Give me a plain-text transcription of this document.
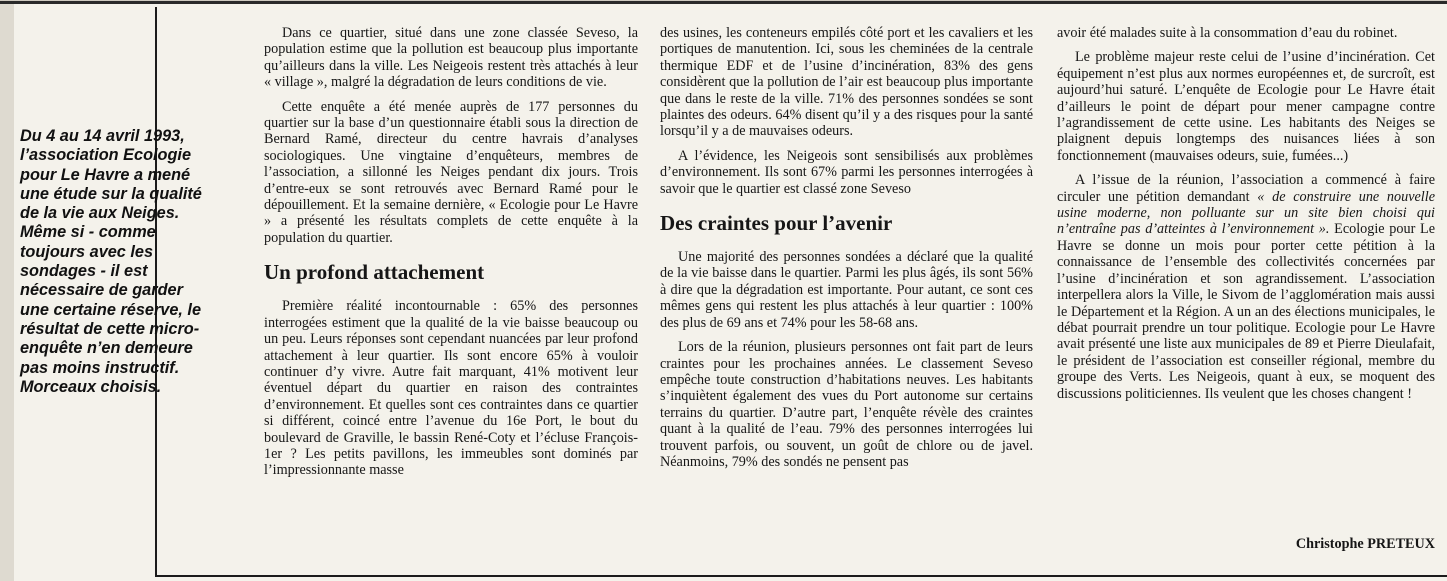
Du 4 au 14 avril 1993, l’association Ecologie pour Le Havre a mené une étude sur la qualité de la vie aux Neiges. Même si - comme toujours avec les sondages - il est nécessaire de garder une certaine réserve, le résultat de cette micro-enquête n’en demeure pas moins instructif. Morceaux choisis.

Dans ce quartier, situé dans une zone classée Seveso, la population estime que la pollution est beaucoup plus importante qu’ailleurs dans la ville. Les Neigeois restent très attachés à leur « village », malgré la dégradation de leurs conditions de vie.

Cette enquête a été menée auprès de 177 personnes du quartier sur la base d’un questionnaire établi sous la direction de Bernard Ramé, directeur du centre havrais d’analyses sociologiques. Une vingtaine d’enquêteurs, membres de l’association, a sillonné les Neiges pendant dix jours. Trois d’entre-eux se sont retrouvés avec Bernard Ramé pour le dépouillement. Et la semaine dernière, « Ecologie pour Le Havre » a présenté les résultats complets de cette enquête à la population du quartier.

Un profond attachement

Première réalité incontournable : 65% des personnes interrogées estiment que la qualité de la vie baisse beaucoup ou un peu. Leurs réponses sont cependant nuancées par leur profond attachement à leur quartier. Ils sont encore 65% à vouloir continuer d’y vivre. Autre fait marquant, 41% motivent leur éventuel départ du quartier en raison des contraintes d’environnement. Et quelles sont ces contraintes dans ce quartier si différent, coincé entre l’avenue du 16e Port, le bout du boulevard de Graville, le bassin René-Coty et l’écluse François-1er ? Les petits pavillons, les immeubles sont dominés par l’impressionnante masse

des usines, les conteneurs empilés côté port et les cavaliers et les portiques de manutention. Ici, sous les cheminées de la centrale thermique EDF et de l’usine d’incinération, 83% des gens considèrent que la pollution de l’air est beaucoup plus importante que dans le reste de la ville. 71% des personnes sondées se sont plaintes des odeurs. 64% disent qu’il y a des risques pour la santé lorsqu’il y a de mauvaises odeurs.

A l’évidence, les Neigeois sont sensibilisés aux problèmes d’environnement. Ils sont 67% parmi les personnes interrogées à savoir que le quartier est classé zone Seveso

Des craintes pour l’avenir

Une majorité des personnes sondées a déclaré que la qualité de la vie baisse dans le quartier. Parmi les plus âgés, ils sont 56% à dire que la dégradation est importante. Pour autant, ce sont ces mêmes gens qui restent les plus attachés à leur quartier : 100% des plus de 69 ans et 74% pour les 58-68 ans.

Lors de la réunion, plusieurs personnes ont fait part de leurs craintes pour les prochaines années. Le classement Seveso empêche toute construction d’habitations neuves. Les habitants s’inquiètent également des vues du Port autonome sur certains terrains du quartier. D’autre part, l’enquête révèle des craintes quant à la qualité de l’eau. 79% des personnes interrogées lui trouvent parfois, ou souvent, un goût de chlore ou de javel. Néanmoins, 79% des sondés ne pensent pas

avoir été malades suite à la consommation d’eau du robinet.

Le problème majeur reste celui de l’usine d’incinération. Cet équipement n’est plus aux normes européennes et, de surcroît, est aujourd’hui saturé. L’enquête de Ecologie pour Le Havre était d’ailleurs le point de départ pour mener campagne contre l’agrandissement de cette usine. Les habitants des Neiges se plaignent depuis longtemps des nuisances liées à son fonctionnement (mauvaises odeurs, suie, fumées...)

A l’issue de la réunion, l’association a commencé à faire circuler une pétition demandant « de construire une nouvelle usine moderne, non polluante sur un site bien choisi qui n’entraîne pas d’atteintes à l’environnement ». Ecologie pour Le Havre se donne un mois pour porter cette pétition à la connaissance de l’ensemble des collectivités concernées par l’usine d’incinération et son agrandissement. L’association interpellera alors la Ville, le Sivom de l’agglomération mais aussi le Département et la Région. A un an des élections municipales, le débat pourrait prendre un tour politique. Ecologie pour Le Havre avait présenté une liste aux municipales de 89 et Pierre Dieulafait, le président de l’association est conseiller régional, membre du groupe des Verts. Les Neigeois, quant à eux, se moquent des discussions politiciennes. Ils veulent que les choses changent !

Christophe PRETEUX
